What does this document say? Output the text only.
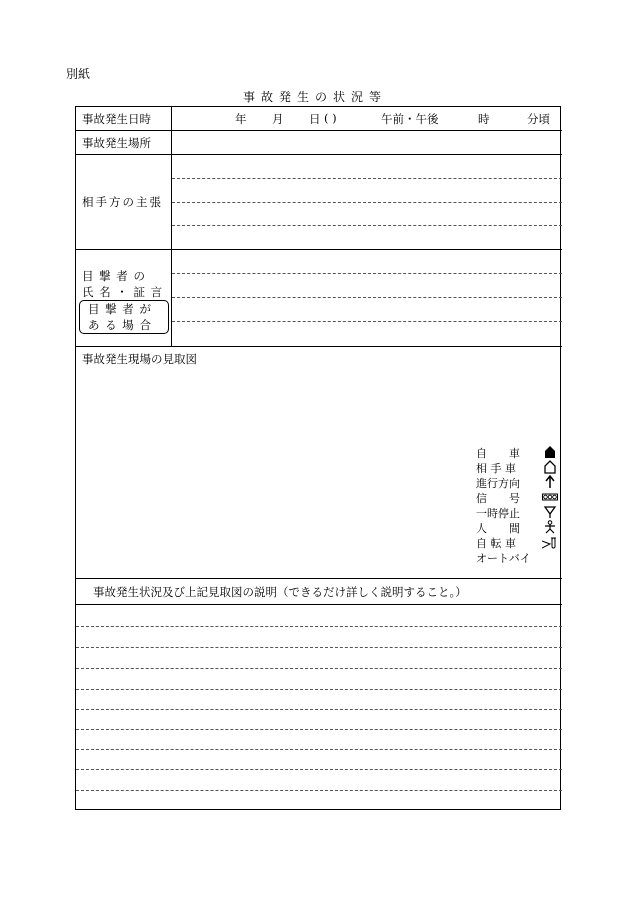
別紙
事故発生の状況等
事故発生日時	年 月 日 ( )	午前・午後	時	分頃
事故発生場所
相手方の主張
目 撃 者 の
氏 名 ・ 証 言
目 撃 者 が
あ る 場 合
事故発生現場の見取図
事故発生状況及び上記見取図の説明（できるだけ詳しく説明すること。）
自　　車
相 手 車
進行方向
信　　号
一時停止
人　　間
自 転 車
オートバイ
